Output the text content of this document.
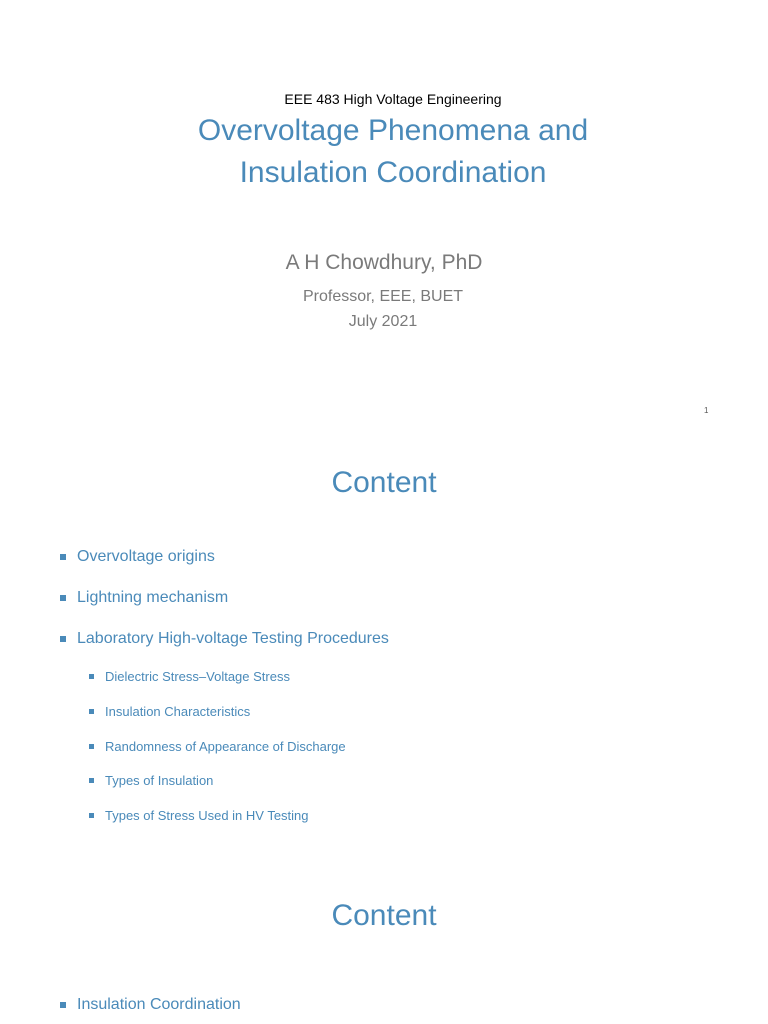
EEE 483 High Voltage Engineering
Overvoltage Phenomena and
Insulation Coordination
A H Chowdhury, PhD
Professor, EEE, BUET
July 2021
1
Content
Overvoltage origins
Lightning mechanism
Laboratory High-voltage Testing Procedures
Dielectric Stress–Voltage Stress
Insulation Characteristics
Randomness of Appearance of Discharge
Types of Insulation
Types of Stress Used in HV Testing
Content
Insulation Coordination
